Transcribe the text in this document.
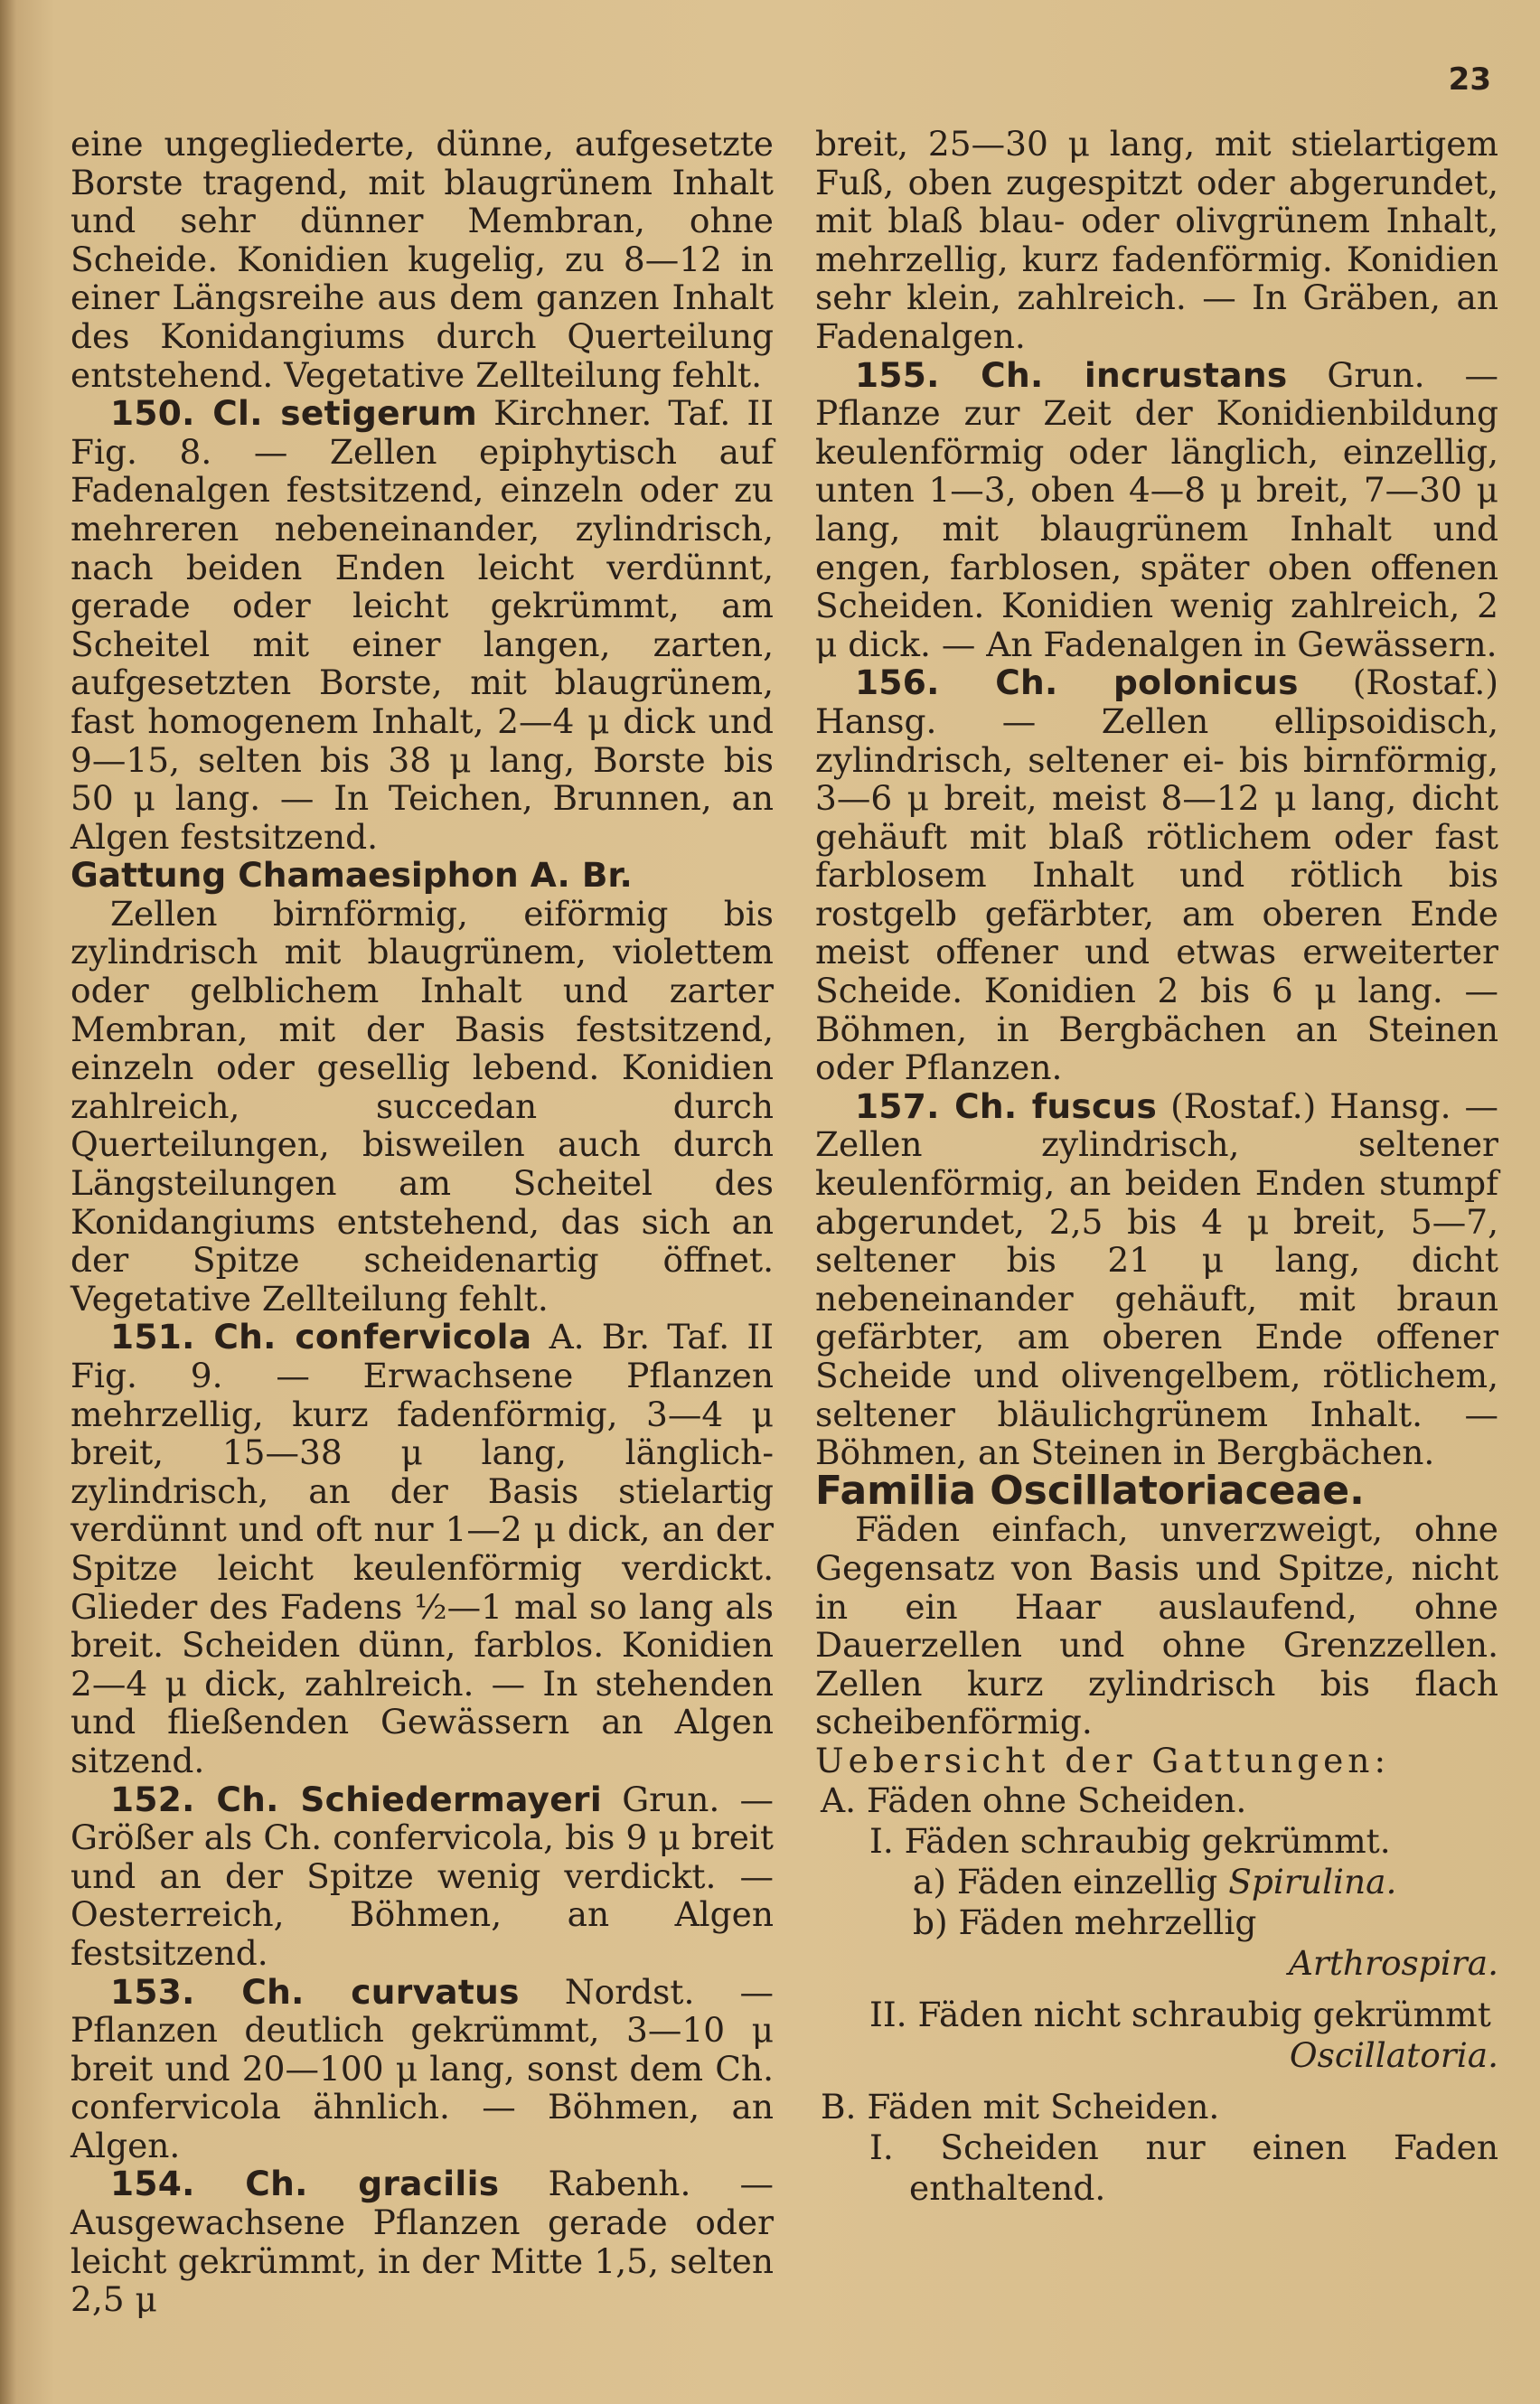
23

eine ungegliederte, dünne, aufgesetzte Borste tragend, mit blaugrünem Inhalt und sehr dünner Membran, ohne Scheide. Konidien kugelig, zu 8—12 in einer Längsreihe aus dem ganzen Inhalt des Konidangiums durch Querteilung entstehend. Vegetative Zellteilung fehlt.

150. Cl. setigerum Kirchner. Taf. II Fig. 8. — Zellen epiphytisch auf Fadenalgen festsitzend, einzeln oder zu mehreren nebeneinander, zylindrisch, nach beiden Enden leicht verdünnt, gerade oder leicht gekrümmt, am Scheitel mit einer langen, zarten, aufgesetzten Borste, mit blaugrünem, fast homogenem Inhalt, 2—4 μ dick und 9—15, selten bis 38 μ lang, Borste bis 50 μ lang. — In Teichen, Brunnen, an Algen festsitzend.

Gattung Chamaesiphon A. Br.

Zellen birnförmig, eiförmig bis zylindrisch mit blaugrünem, violettem oder gelblichem Inhalt und zarter Membran, mit der Basis festsitzend, einzeln oder gesellig lebend. Konidien zahlreich, succedan durch Querteilungen, bisweilen auch durch Längsteilungen am Scheitel des Konidangiums entstehend, das sich an der Spitze scheidenartig öffnet. Vegetative Zellteilung fehlt.

151. Ch. confervicola A. Br. Taf. II Fig. 9. — Erwachsene Pflanzen mehrzellig, kurz fadenförmig, 3—4 μ breit, 15—38 μ lang, länglich-zylindrisch, an der Basis stielartig verdünnt und oft nur 1—2 μ dick, an der Spitze leicht keulenförmig verdickt. Glieder des Fadens ½—1 mal so lang als breit. Scheiden dünn, farblos. Konidien 2—4 μ dick, zahlreich. — In stehenden und fließenden Gewässern an Algen sitzend.

152. Ch. Schiedermayeri Grun. — Größer als Ch. confervicola, bis 9 μ breit und an der Spitze wenig verdickt. — Oesterreich, Böhmen, an Algen festsitzend.

153. Ch. curvatus Nordst. — Pflanzen deutlich gekrümmt, 3—10 μ breit und 20—100 μ lang, sonst dem Ch. confervicola ähnlich. — Böhmen, an Algen.

154. Ch. gracilis Rabenh. — Ausgewachsene Pflanzen gerade oder leicht gekrümmt, in der Mitte 1,5, selten 2,5 μ

breit, 25—30 μ lang, mit stielartigem Fuß, oben zugespitzt oder abgerundet, mit blaß blau- oder olivgrünem Inhalt, mehrzellig, kurz fadenförmig. Konidien sehr klein, zahlreich. — In Gräben, an Fadenalgen.

155. Ch. incrustans Grun. — Pflanze zur Zeit der Konidienbildung keulenförmig oder länglich, einzellig, unten 1—3, oben 4—8 μ breit, 7—30 μ lang, mit blaugrünem Inhalt und engen, farblosen, später oben offenen Scheiden. Konidien wenig zahlreich, 2 μ dick. — An Fadenalgen in Gewässern.

156. Ch. polonicus (Rostaf.) Hansg. — Zellen ellipsoidisch, zylindrisch, seltener ei- bis birnförmig, 3—6 μ breit, meist 8—12 μ lang, dicht gehäuft mit blaß rötlichem oder fast farblosem Inhalt und rötlich bis rostgelb gefärbter, am oberen Ende meist offener und etwas erweiterter Scheide. Konidien 2 bis 6 μ lang. — Böhmen, in Bergbächen an Steinen oder Pflanzen.

157. Ch. fuscus (Rostaf.) Hansg. — Zellen zylindrisch, seltener keulenförmig, an beiden Enden stumpf abgerundet, 2,5 bis 4 μ breit, 5—7, seltener bis 21 μ lang, dicht nebeneinander gehäuft, mit braun gefärbter, am oberen Ende offener Scheide und olivengelbem, rötlichem, seltener bläulichgrünem Inhalt. — Böhmen, an Steinen in Bergbächen.

Familia Oscillatoriaceae.

Fäden einfach, unverzweigt, ohne Gegensatz von Basis und Spitze, nicht in ein Haar auslaufend, ohne Dauerzellen und ohne Grenzzellen. Zellen kurz zylindrisch bis flach scheibenförmig.

Uebersicht der Gattungen:

A. Fäden ohne Scheiden.

I. Fäden schraubig gekrümmt.

a) Fäden einzellig Spirulina.

b) Fäden mehrzellig

Arthrospira.

II. Fäden nicht schraubig gekrümmt

Oscillatoria.

B. Fäden mit Scheiden.

I. Scheiden nur einen Faden enthaltend.
